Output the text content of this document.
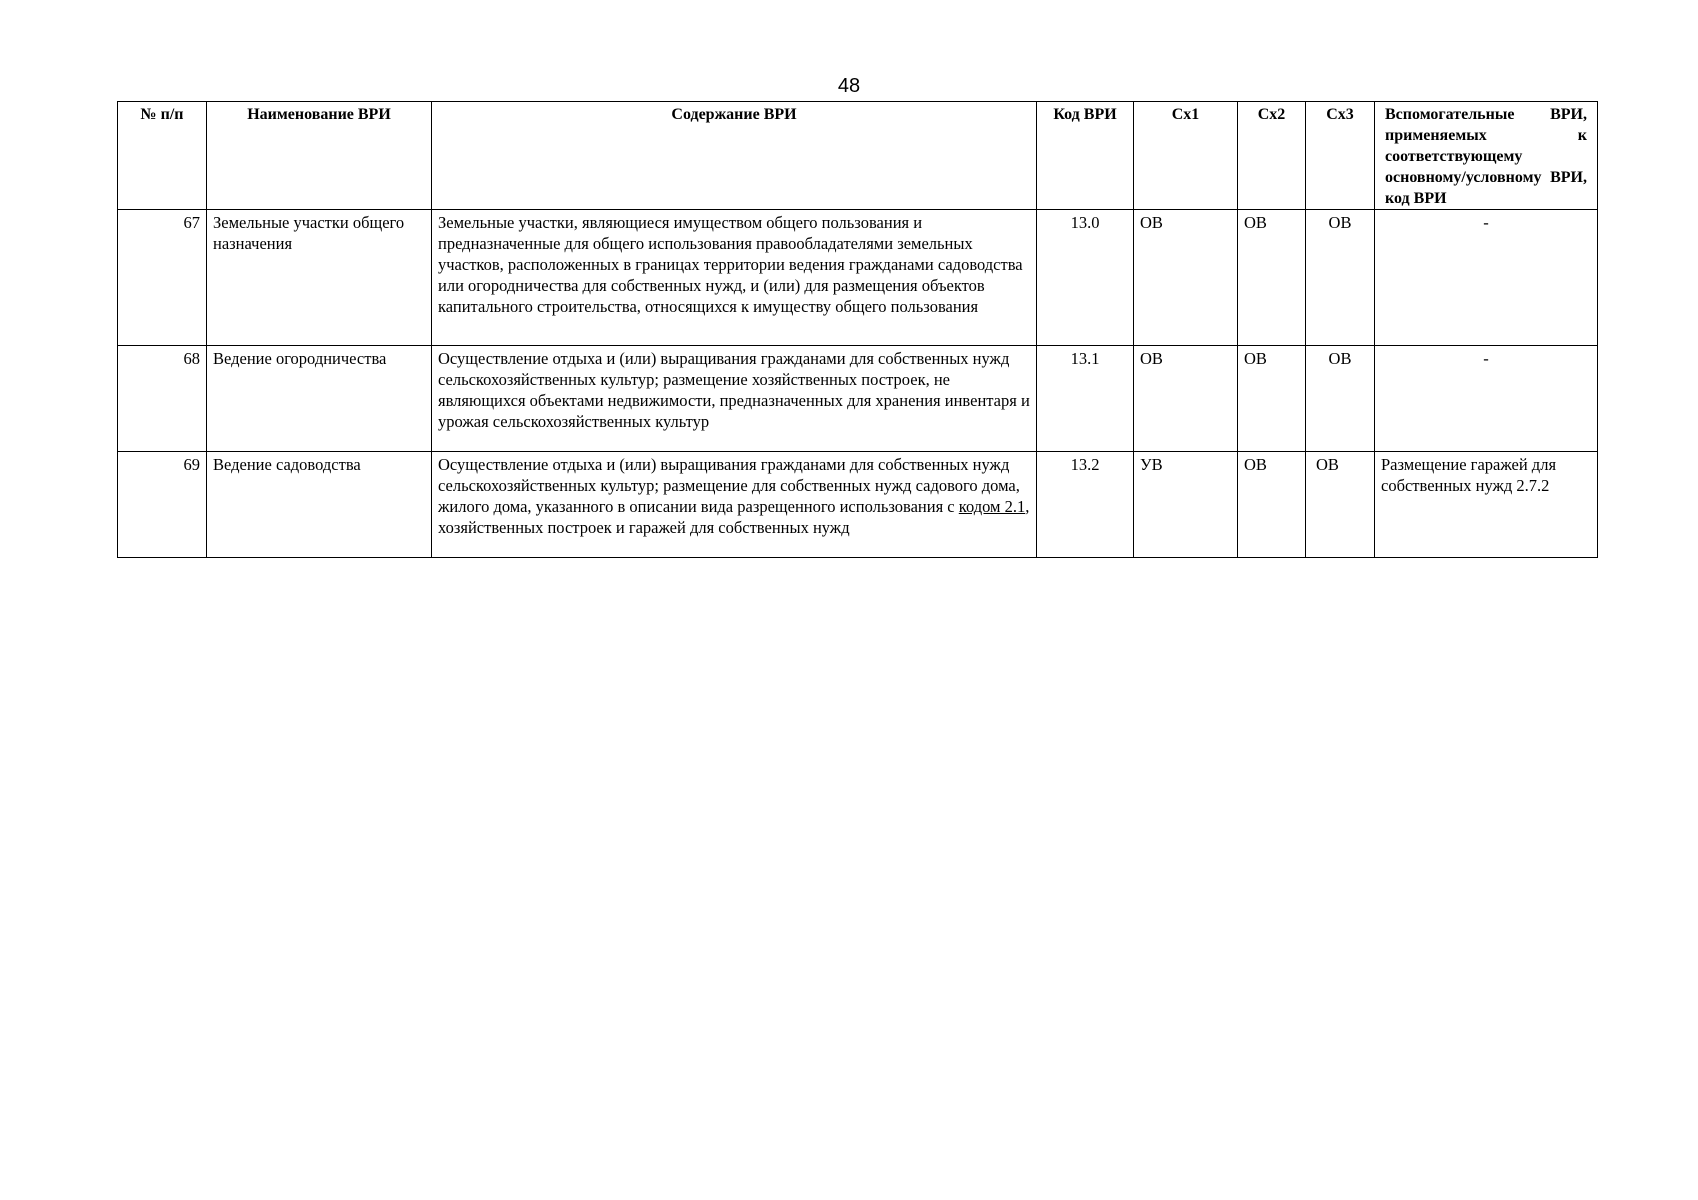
48
№ п/п	Наименование ВРИ	Содержание ВРИ	Код ВРИ	Сх1	Сх2	Сх3	Вспомогательные ВРИ, применяемых к соответствующему основному/условному ВРИ, код ВРИ
67	Земельные участки общего назначения	Земельные участки, являющиеся имуществом общего пользования и предназначенные для общего использования правообладателями земельных участков, расположенных в границах территории ведения гражданами садоводства или огородничества для собственных нужд, и (или) для размещения объектов капитального строительства, относящихся к имуществу общего пользования	13.0	ОВ	ОВ	ОВ	-
68	Ведение огородничества	Осуществление отдыха и (или) выращивания гражданами для собственных нужд сельскохозяйственных культур; размещение хозяйственных построек, не являющихся объектами недвижимости, предназначенных для хранения инвентаря и урожая сельскохозяйственных культур	13.1	ОВ	ОВ	ОВ	-
69	Ведение садоводства	Осуществление отдыха и (или) выращивания гражданами для собственных нужд сельскохозяйственных культур; размещение для собственных нужд садового дома, жилого дома, указанного в описании вида разрещенного использования с кодом 2.1, хозяйственных построек и гаражей для собственных нужд	13.2	УВ	ОВ	ОВ	Размещение гаражей для собственных нужд 2.7.2
